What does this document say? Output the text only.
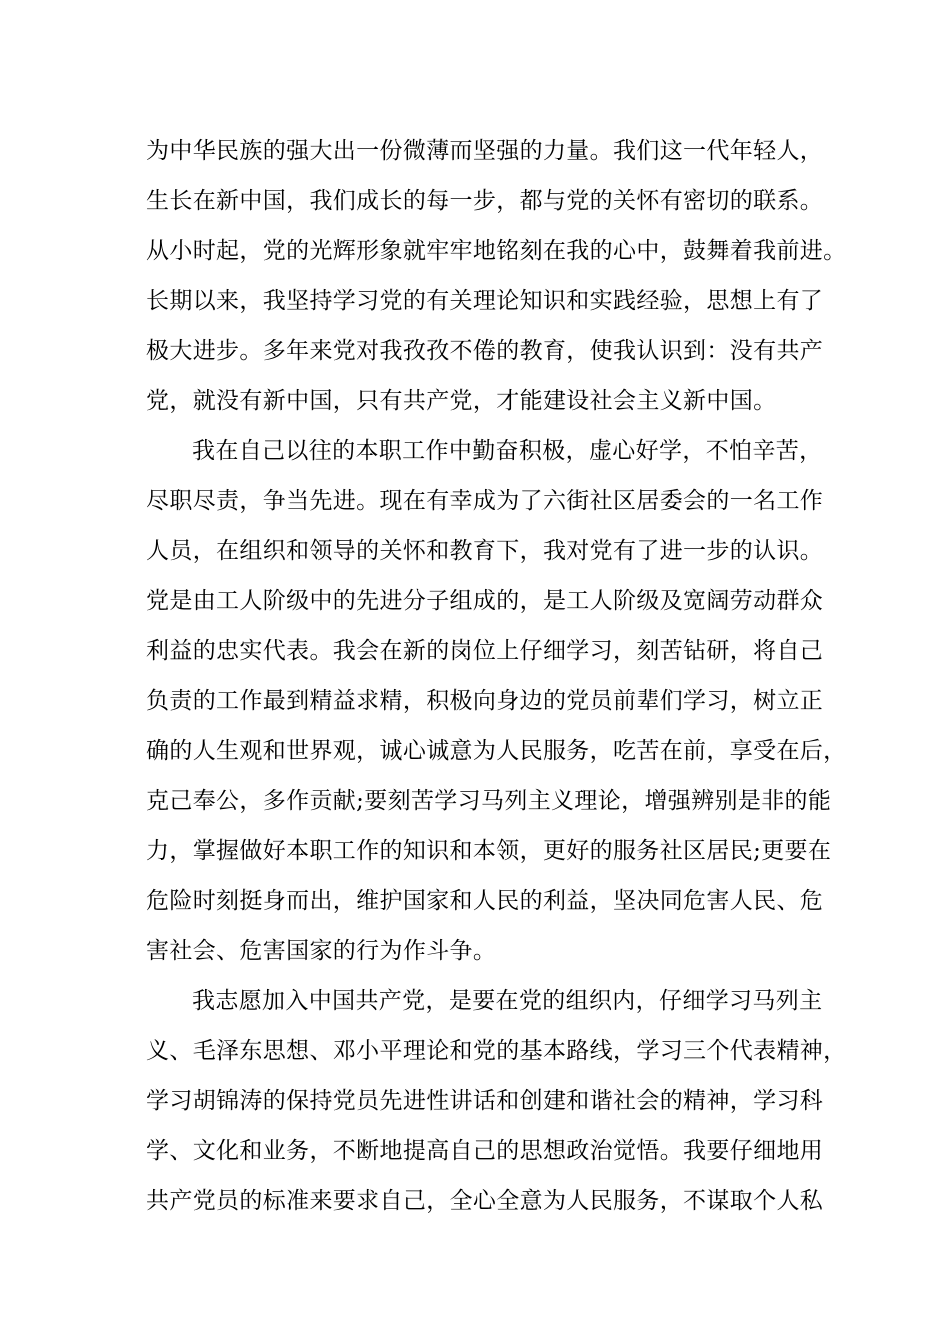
为中华民族的强大出一份微薄而坚强的力量。我们这一代年轻人，
生长在新中国，我们成长的每一步，都与党的关怀有密切的联系。
从小时起，党的光辉形象就牢牢地铭刻在我的心中，鼓舞着我前进。
长期以来，我坚持学习党的有关理论知识和实践经验，思想上有了
极大进步。多年来党对我孜孜不倦的教育，使我认识到：没有共产
党，就没有新中国，只有共产党，才能建设社会主义新中国。
我在自己以往的本职工作中勤奋积极，虚心好学，不怕辛苦，
尽职尽责，争当先进。现在有幸成为了六街社区居委会的一名工作
人员，在组织和领导的关怀和教育下，我对党有了进一步的认识。
党是由工人阶级中的先进分子组成的，是工人阶级及宽阔劳动群众
利益的忠实代表。我会在新的岗位上仔细学习，刻苦钻研，将自己
负责的工作最到精益求精，积极向身边的党员前辈们学习，树立正
确的人生观和世界观，诚心诚意为人民服务，吃苦在前，享受在后，
克己奉公，多作贡献;要刻苦学习马列主义理论，增强辨别是非的能
力，掌握做好本职工作的知识和本领，更好的服务社区居民;更要在
危险时刻挺身而出，维护国家和人民的利益，坚决同危害人民、危
害社会、危害国家的行为作斗争。
我志愿加入中国共产党，是要在党的组织内，仔细学习马列主
义、毛泽东思想、邓小平理论和党的基本路线，学习三个代表精神，
学习胡锦涛的保持党员先进性讲话和创建和谐社会的精神，学习科
学、文化和业务，不断地提高自己的思想政治觉悟。我要仔细地用
共产党员的标准来要求自己，全心全意为人民服务，不谋取个人私
